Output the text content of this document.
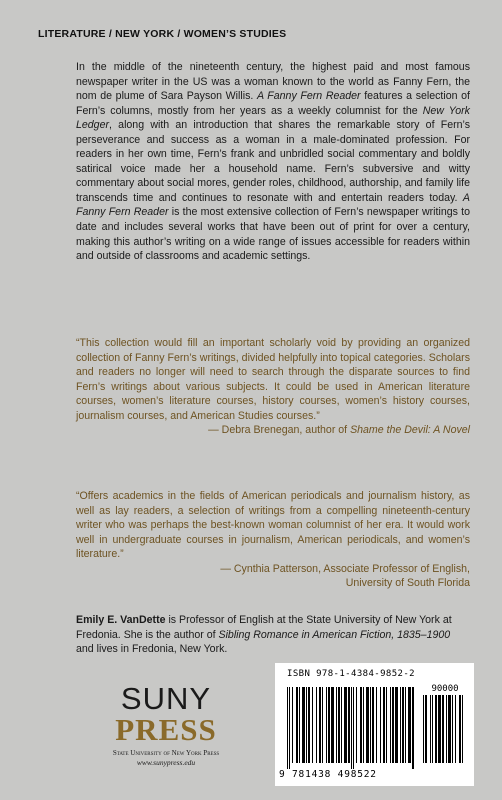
LITERATURE / NEW YORK / WOMEN’S STUDIES
In the middle of the nineteenth century, the highest paid and most famous newspaper writer in the US was a woman known to the world as Fanny Fern, the nom de plume of Sara Payson Willis. A Fanny Fern Reader features a selection of Fern’s columns, mostly from her years as a weekly columnist for the New York Ledger, along with an introduction that shares the remarkable story of Fern’s perseverance and success as a woman in a male-dominated profession. For readers in her own time, Fern’s frank and unbridled social commentary and boldly satirical voice made her a household name. Fern’s subversive and witty commentary about social mores, gender roles, childhood, authorship, and family life transcends time and continues to resonate with and entertain readers today. A Fanny Fern Reader is the most extensive collection of Fern’s newspaper writings to date and includes several works that have been out of print for over a century, making this author’s writing on a wide range of issues accessible for readers within and outside of classrooms and academic settings.
“This collection would fill an important scholarly void by providing an organized collection of Fanny Fern’s writings, divided helpfully into topical categories. Scholars and readers no longer will need to search through the disparate sources to find Fern’s writings about various subjects. It could be used in American literature courses, women’s literature courses, history courses, women’s history courses, journalism courses, and American Studies courses.”
— Debra Brenegan, author of Shame the Devil: A Novel
“Offers academics in the fields of American periodicals and journalism history, as well as lay readers, a selection of writings from a compelling nineteenth-century writer who was perhaps the best-known woman columnist of her era. It would work well in undergraduate courses in journalism, American periodicals, and women’s literature.”
— Cynthia Patterson, Associate Professor of English,
University of South Florida
Emily E. VanDette is Professor of English at the State University of New York at Fredonia. She is the author of Sibling Romance in American Fiction, 1835–1900 and lives in Fredonia, New York.
SUNY
PRESS
State University of New York Press
www.sunypress.edu
ISBN 978-1-4384-9852-2
90000
9 781438 498522
